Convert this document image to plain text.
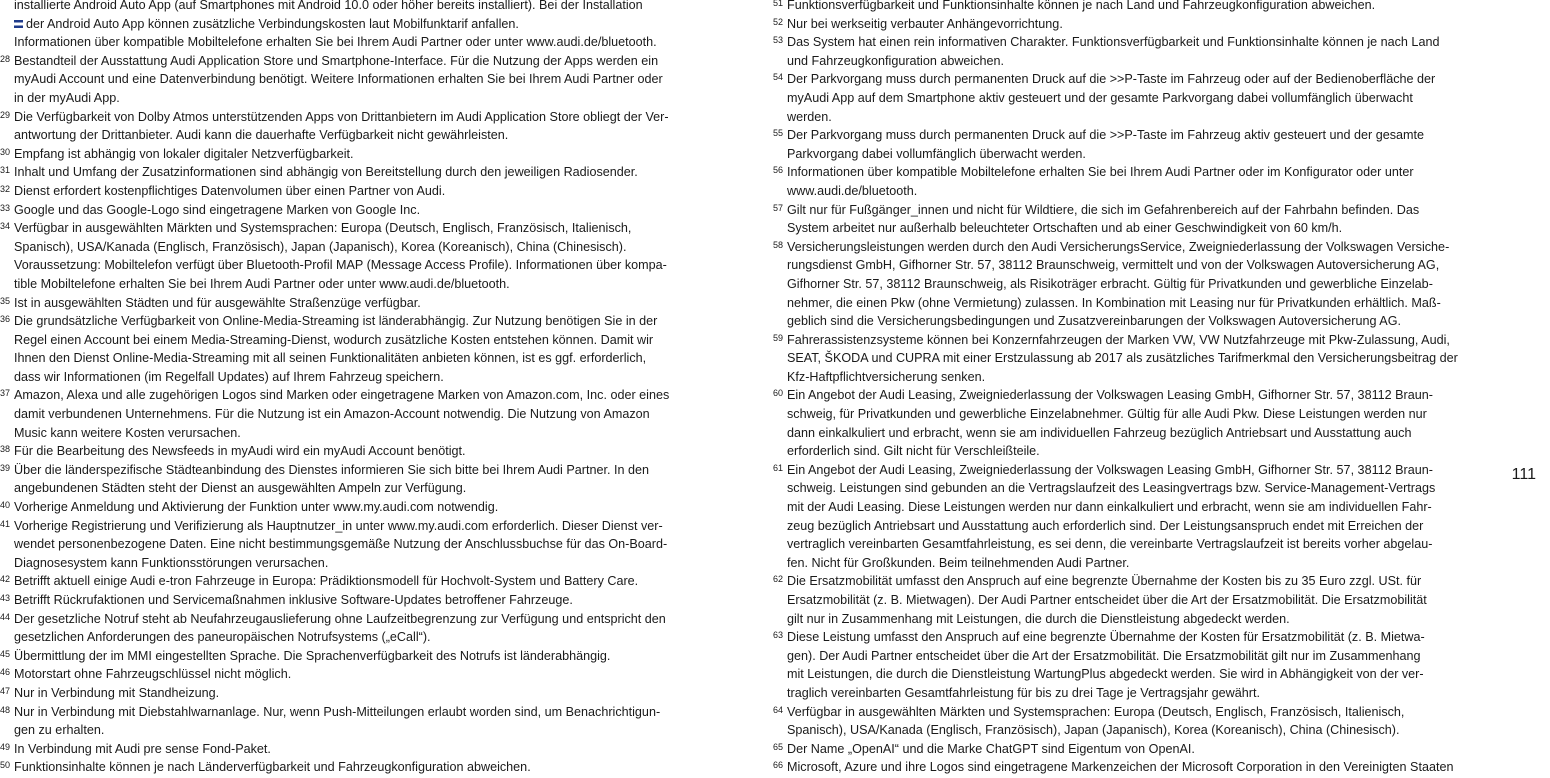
installierte Android Auto App (auf Smartphones mit Android 10.0 oder höher bereits installiert). Bei der Installation
der Android Auto App können zusätzliche Verbindungskosten laut Mobilfunktarif anfallen.
Informationen über kompatible Mobiltelefone erhalten Sie bei Ihrem Audi Partner oder unter www.audi.de/bluetooth.
28 Bestandteil der Ausstattung Audi Application Store und Smartphone-Interface. Für die Nutzung der Apps werden ein
myAudi Account und eine Datenverbindung benötigt. Weitere Informationen erhalten Sie bei Ihrem Audi Partner oder
in der myAudi App.
29 Die Verfügbarkeit von Dolby Atmos unterstützenden Apps von Drittanbietern im Audi Application Store obliegt der Ver-
antwortung der Drittanbieter. Audi kann die dauerhafte Verfügbarkeit nicht gewährleisten.
30 Empfang ist abhängig von lokaler digitaler Netzverfügbarkeit.
31 Inhalt und Umfang der Zusatzinformationen sind abhängig von Bereitstellung durch den jeweiligen Radiosender.
32 Dienst erfordert kostenpflichtiges Datenvolumen über einen Partner von Audi.
33 Google und das Google-Logo sind eingetragene Marken von Google Inc.
34 Verfügbar in ausgewählten Märkten und Systemsprachen: Europa (Deutsch, Englisch, Französisch, Italienisch,
Spanisch), USA/Kanada (Englisch, Französisch), Japan (Japanisch), Korea (Koreanisch), China (Chinesisch).
Voraussetzung: Mobiltelefon verfügt über Bluetooth-Profil MAP (Message Access Profile). Informationen über kompa-
tible Mobiltelefone erhalten Sie bei Ihrem Audi Partner oder unter www.audi.de/bluetooth.
35 Ist in ausgewählten Städten und für ausgewählte Straßenzüge verfügbar.
36 Die grundsätzliche Verfügbarkeit von Online-Media-Streaming ist länderabhängig. Zur Nutzung benötigen Sie in der
Regel einen Account bei einem Media-Streaming-Dienst, wodurch zusätzliche Kosten entstehen können. Damit wir
Ihnen den Dienst Online-Media-Streaming mit all seinen Funktionalitäten anbieten können, ist es ggf. erforderlich,
dass wir Informationen (im Regelfall Updates) auf Ihrem Fahrzeug speichern.
37 Amazon, Alexa und alle zugehörigen Logos sind Marken oder eingetragene Marken von Amazon.com, Inc. oder eines
damit verbundenen Unternehmens. Für die Nutzung ist ein Amazon-Account notwendig. Die Nutzung von Amazon
Music kann weitere Kosten verursachen.
38 Für die Bearbeitung des Newsfeeds in myAudi wird ein myAudi Account benötigt.
39 Über die länderspezifische Städteanbindung des Dienstes informieren Sie sich bitte bei Ihrem Audi Partner. In den
angebundenen Städten steht der Dienst an ausgewählten Ampeln zur Verfügung.
40 Vorherige Anmeldung und Aktivierung der Funktion unter www.my.audi.com notwendig.
41 Vorherige Registrierung und Verifizierung als Hauptnutzer_in unter www.my.audi.com erforderlich. Dieser Dienst ver-
wendet personenbezogene Daten. Eine nicht bestimmungsgemäße Nutzung der Anschlussbuchse für das On-Board-
Diagnosesystem kann Funktionsstörungen verursachen.
42 Betrifft aktuell einige Audi e-tron Fahrzeuge in Europa: Prädiktionsmodell für Hochvolt-System und Battery Care.
43 Betrifft Rückrufaktionen und Servicemaßnahmen inklusive Software-Updates betroffener Fahrzeuge.
44 Der gesetzliche Notruf steht ab Neufahrzeugauslieferung ohne Laufzeitbegrenzung zur Verfügung und entspricht den
gesetzlichen Anforderungen des paneuropäischen Notrufsystems („eCall“).
45 Übermittlung der im MMI eingestellten Sprache. Die Sprachenverfügbarkeit des Notrufs ist länderabhängig.
46 Motorstart ohne Fahrzeugschlüssel nicht möglich.
47 Nur in Verbindung mit Standheizung.
48 Nur in Verbindung mit Diebstahlwarnanlage. Nur, wenn Push-Mitteilungen erlaubt worden sind, um Benachrichtigun-
gen zu erhalten.
49 In Verbindung mit Audi pre sense Fond-Paket.
50 Funktionsinhalte können je nach Länderverfügbarkeit und Fahrzeugkonfiguration abweichen.
51 Funktionsverfügbarkeit und Funktionsinhalte können je nach Land und Fahrzeugkonfiguration abweichen.
52 Nur bei werkseitig verbauter Anhängevorrichtung.
53 Das System hat einen rein informativen Charakter. Funktionsverfügbarkeit und Funktionsinhalte können je nach Land
und Fahrzeugkonfiguration abweichen.
54 Der Parkvorgang muss durch permanenten Druck auf die >>P-Taste im Fahrzeug oder auf der Bedienoberfläche der
myAudi App auf dem Smartphone aktiv gesteuert und der gesamte Parkvorgang dabei vollumfänglich überwacht
werden.
55 Der Parkvorgang muss durch permanenten Druck auf die >>P-Taste im Fahrzeug aktiv gesteuert und der gesamte
Parkvorgang dabei vollumfänglich überwacht werden.
56 Informationen über kompatible Mobiltelefone erhalten Sie bei Ihrem Audi Partner oder im Konfigurator oder unter
www.audi.de/bluetooth.
57 Gilt nur für Fußgänger_innen und nicht für Wildtiere, die sich im Gefahrenbereich auf der Fahrbahn befinden. Das
System arbeitet nur außerhalb beleuchteter Ortschaften und ab einer Geschwindigkeit von 60 km/h.
58 Versicherungsleistungen werden durch den Audi VersicherungsService, Zweigniederlassung der Volkswagen Versiche-
rungsdienst GmbH, Gifhorner Str. 57, 38112 Braunschweig, vermittelt und von der Volkswagen Autoversicherung AG,
Gifhorner Str. 57, 38112 Braunschweig, als Risikoträger erbracht. Gültig für Privatkunden und gewerbliche Einzelab-
nehmer, die einen Pkw (ohne Vermietung) zulassen. In Kombination mit Leasing nur für Privatkunden erhältlich. Maß-
geblich sind die Versicherungsbedingungen und Zusatzvereinbarungen der Volkswagen Autoversicherung AG.
59 Fahrerassistenzsysteme können bei Konzernfahrzeugen der Marken VW, VW Nutzfahrzeuge mit Pkw-Zulassung, Audi,
SEAT, ŠKODA und CUPRA mit einer Erstzulassung ab 2017 als zusätzliches Tarifmerkmal den Versicherungsbeitrag der
Kfz-Haftpflichtversicherung senken.
60 Ein Angebot der Audi Leasing, Zweigniederlassung der Volkswagen Leasing GmbH, Gifhorner Str. 57, 38112 Braun-
schweig, für Privatkunden und gewerbliche Einzelabnehmer. Gültig für alle Audi Pkw. Diese Leistungen werden nur
dann einkalkuliert und erbracht, wenn sie am individuellen Fahrzeug bezüglich Antriebsart und Ausstattung auch
erforderlich sind. Gilt nicht für Verschleißteile.
61 Ein Angebot der Audi Leasing, Zweigniederlassung der Volkswagen Leasing GmbH, Gifhorner Str. 57, 38112 Braun-
schweig. Leistungen sind gebunden an die Vertragslaufzeit des Leasingvertrags bzw. Service-Management-Vertrags
mit der Audi Leasing. Diese Leistungen werden nur dann einkalkuliert und erbracht, wenn sie am individuellen Fahr-
zeug bezüglich Antriebsart und Ausstattung auch erforderlich sind. Der Leistungsanspruch endet mit Erreichen der
vertraglich vereinbarten Gesamtfahrleistung, es sei denn, die vereinbarte Vertragslaufzeit ist bereits vorher abgelau-
fen. Nicht für Großkunden. Beim teilnehmenden Audi Partner.
62 Die Ersatzmobilität umfasst den Anspruch auf eine begrenzte Übernahme der Kosten bis zu 35 Euro zzgl. USt. für
Ersatzmobilität (z. B. Mietwagen). Der Audi Partner entscheidet über die Art der Ersatzmobilität. Die Ersatzmobilität
gilt nur in Zusammenhang mit Leistungen, die durch die Dienstleistung abgedeckt werden.
63 Diese Leistung umfasst den Anspruch auf eine begrenzte Übernahme der Kosten für Ersatzmobilität (z. B. Mietwa-
gen). Der Audi Partner entscheidet über die Art der Ersatzmobilität. Die Ersatzmobilität gilt nur im Zusammenhang
mit Leistungen, die durch die Dienstleistung WartungPlus abgedeckt werden. Sie wird in Abhängigkeit von der ver-
traglich vereinbarten Gesamtfahrleistung für bis zu drei Tage je Vertragsjahr gewährt.
64 Verfügbar in ausgewählten Märkten und Systemsprachen: Europa (Deutsch, Englisch, Französisch, Italienisch,
Spanisch), USA/Kanada (Englisch, Französisch), Japan (Japanisch), Korea (Koreanisch), China (Chinesisch).
65 Der Name „OpenAI“ und die Marke ChatGPT sind Eigentum von OpenAI.
66 Microsoft, Azure und ihre Logos sind eingetragene Markenzeichen der Microsoft Corporation in den Vereinigten Staaten
111
